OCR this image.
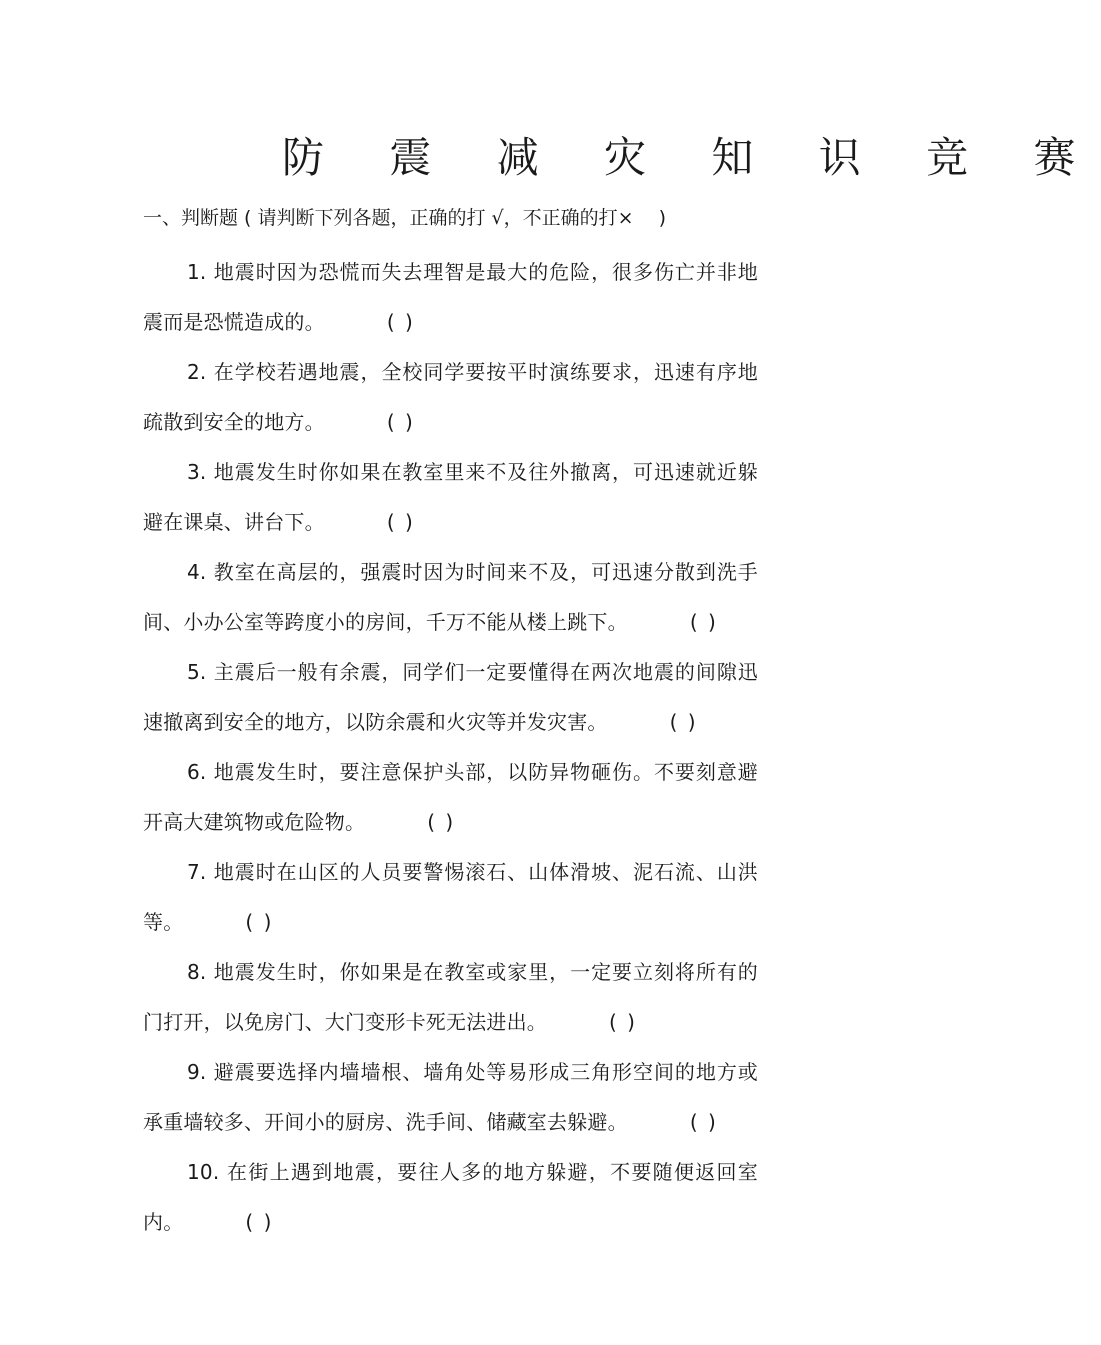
防 震 减 灾 知 识 竞 赛
一、判断题 ( 请判断下列各题，正确的打 √，不正确的打×　 )
1. 地震时因为恐慌而失去理智是最大的危险，很多伤亡并非地震而是恐慌造成的。	( )
2. 在学校若遇地震，全校同学要按平时演练要求，迅速有序地疏散到安全的地方。	( )
3. 地震发生时你如果在教室里来不及往外撤离，可迅速就近躲避在课桌、讲台下。	( )
4. 教室在高层的，强震时因为时间来不及，可迅速分散到洗手间、小办公室等跨度小的房间，千万不能从楼上跳下。	( )
5. 主震后一般有余震，同学们一定要懂得在两次地震的间隙迅速撤离到安全的地方，以防余震和火灾等并发灾害。	( )
6. 地震发生时，要注意保护头部，以防异物砸伤。不要刻意避开高大建筑物或危险物。	( )
7. 地震时在山区的人员要警惕滚石、山体滑坡、泥石流、山洪等。	( )
8. 地震发生时，你如果是在教室或家里，一定要立刻将所有的门打开，以免房门、大门变形卡死无法进出。	( )
9. 避震要选择内墙墙根、墙角处等易形成三角形空间的地方或承重墙较多、开间小的厨房、洗手间、储藏室去躲避。	( )
10. 在街上遇到地震，要往人多的地方躲避，不要随便返回室内。	( )
